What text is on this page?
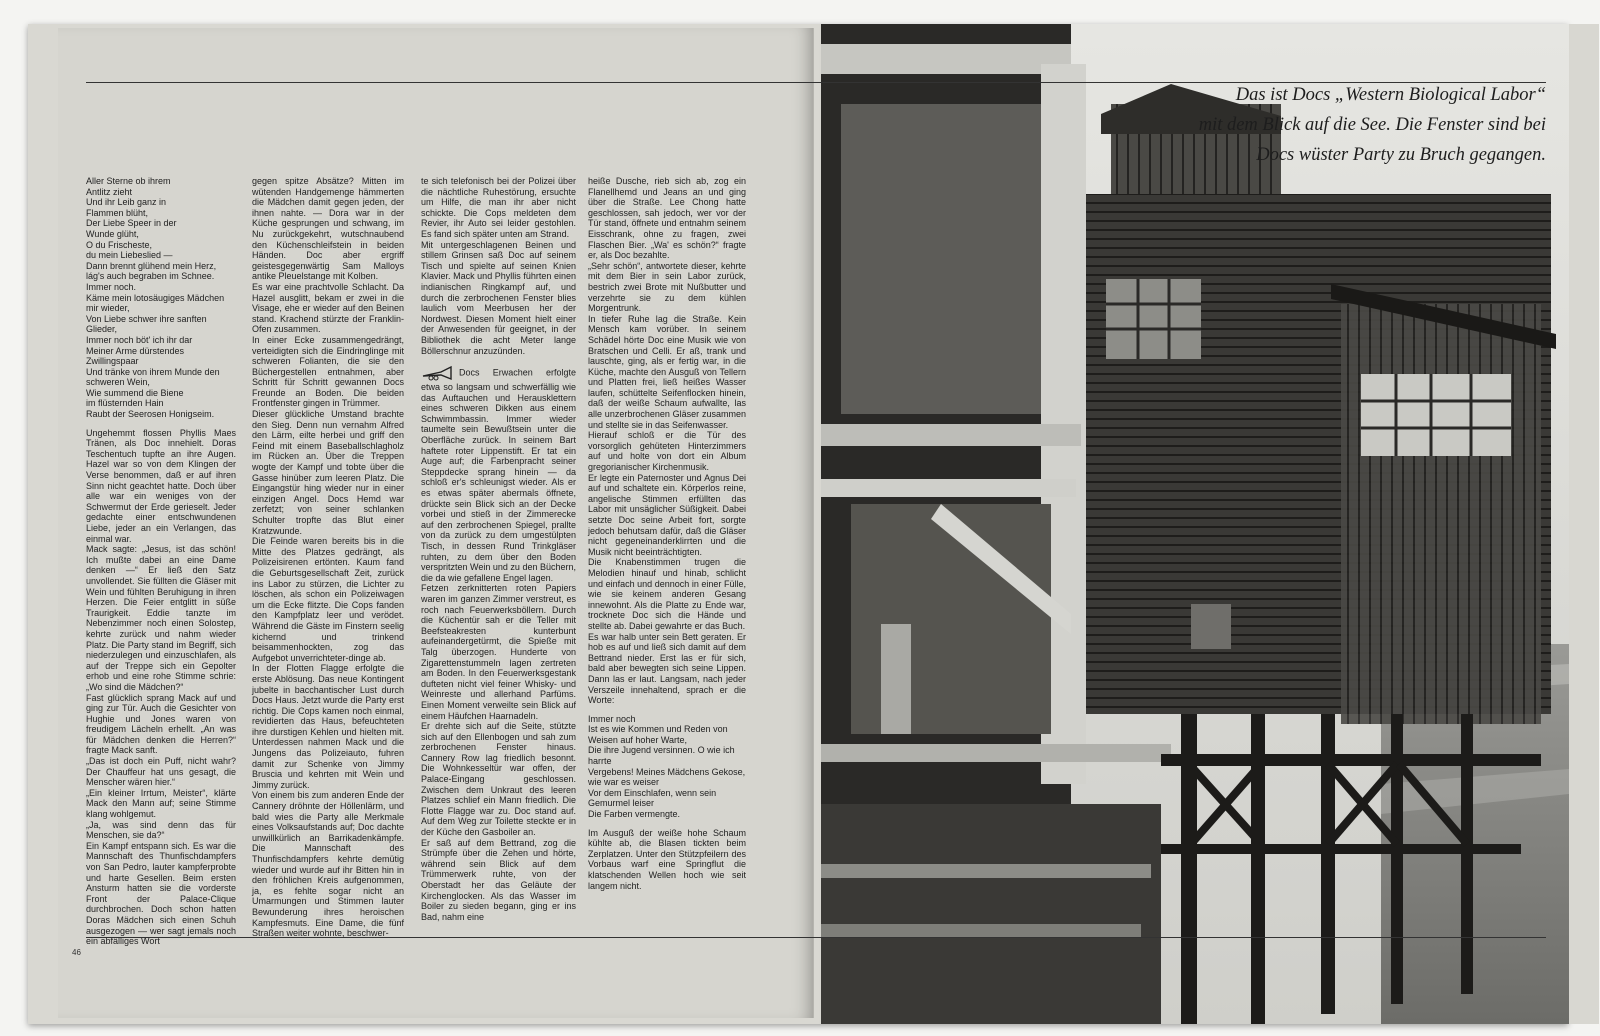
Das ist Docs „Western Biological Labor“
mit dem Blick auf die See. Die Fenster sind bei
Docs wüster Party zu Bruch gegangen.

Aller Sterne ob ihrem
Antlitz zieht
Und ihr Leib ganz in
Flammen blüht,
Der Liebe Speer in der
Wunde glüht,
O du Frischeste,
du mein Liebeslied —
Dann brennt glühend mein Herz,
lág's auch begraben im Schnee.
Immer noch.
Käme mein lotosäugiges Mädchen
mir wieder,
Von Liebe schwer ihre sanften
Glieder,
Immer noch böt' ich ihr dar
Meiner Arme dürstendes
Zwillingspaar
Und tränke von ihrem Munde den
schweren Wein,
Wie summend die Biene
im flüsternden Hain
Raubt der Seerosen Honigseim.

Ungehemmt flossen Phyllis Maes Tränen, als Doc innehielt. Doras Teschentuch tupfte an ihre Augen. Hazel war so von dem Klingen der Verse benommen, daß er auf ihren Sinn nicht geachtet hatte. Doch über alle war ein weniges von der Schwermut der Erde gerieselt. Jeder gedachte einer entschwundenen Liebe, jeder an ein Verlangen, das einmal war.

Mack sagte: „Jesus, ist das schön! Ich mußte dabei an eine Dame denken —“ Er ließ den Satz unvollendet. Sie füllten die Gläser mit Wein und fühlten Beruhigung in ihren Herzen. Die Feier entglitt in süße Traurigkeit. Eddie tanzte im Nebenzimmer noch einen Solostep, kehrte zurück und nahm wieder Platz. Die Party stand im Begriff, sich niederzulegen und einzuschlafen, als auf der Treppe sich ein Gepolter erhob und eine rohe Stimme schrie: „Wo sind die Mädchen?“

Fast glücklich sprang Mack auf und ging zur Tür. Auch die Gesichter von Hughie und Jones waren von freudigem Lächeln erhellt. „An was für Mädchen denken die Herren?“ fragte Mack sanft.

„Das ist doch ein Puff, nicht wahr? Der Chauffeur hat uns gesagt, die Menscher wären hier.“

„Ein kleiner Irrtum, Meister“, klärte Mack den Mann auf; seine Stimme klang wohlgemut.

„Ja, was sind denn das für Menschen, sie da?“

Ein Kampf entspann sich. Es war die Mannschaft des Thunfischdampfers von San Pedro, lauter kampferprobte und harte Gesellen. Beim ersten Ansturm hatten sie die vorderste Front der Palace-Clique durchbrochen. Doch schon hatten Doras Mädchen sich einen Schuh ausgezogen — wer sagt jemals noch ein abfälliges Wort

gegen spitze Absätze? Mitten im wütenden Handgemenge hämmerten die Mädchen damit gegen jeden, der ihnen nahte. — Dora war in der Küche gesprungen und schwang, im Nu zurückgekehrt, wutschnaubend den Küchenschleifstein in beiden Händen. Doc aber ergriff geistesgegenwärtig Sam Malloys antike Pleuelstange mit Kolben.

Es war eine prachtvolle Schlacht. Da Hazel ausglitt, bekam er zwei in die Visage, ehe er wieder auf den Beinen stand. Krachend stürzte der Franklin-Ofen zusammen.

In einer Ecke zusammengedrängt, verteidigten sich die Eindringlinge mit schweren Folianten, die sie den Büchergestellen entnahmen, aber Schritt für Schritt gewannen Docs Freunde an Boden. Die beiden Frontfenster gingen in Trümmer.

Dieser glückliche Umstand brachte den Sieg. Denn nun vernahm Alfred den Lärm, eilte herbei und griff den Feind mit einem Baseballschlagholz im Rücken an. Über die Treppen wogte der Kampf und tobte über die Gasse hinüber zum leeren Platz. Die Eingangstür hing wieder nur in einer einzigen Angel. Docs Hemd war zerfetzt; von seiner schlanken Schulter tropfte das Blut einer Kratzwunde.

Die Feinde waren bereits bis in die Mitte des Platzes gedrängt, als Polizeisirenen ertönten. Kaum fand die Geburtsgesellschaft Zeit, zurück ins Labor zu stürzen, die Lichter zu löschen, als schon ein Polizeiwagen um die Ecke flitzte. Die Cops fanden den Kampfplatz leer und verödet. Während die Gäste im Finstern seelig kichernd und trinkend beisammenhockten, zog das Aufgebot unverrichteter-dinge ab.

In der Flotten Flagge erfolgte die erste Ablösung. Das neue Kontingent jubelte in bacchantischer Lust durch Docs Haus. Jetzt wurde die Party erst richtig. Die Cops kamen noch einmal, revidierten das Haus, befeuchteten ihre durstigen Kehlen und hielten mit. Unterdessen nahmen Mack und die Jungens das Polizeiauto, fuhren damit zur Schenke von Jimmy Bruscia und kehrten mit Wein und Jimmy zurück.

Von einem bis zum anderen Ende der Cannery dröhnte der Höllenlärm, und bald wies die Party alle Merkmale eines Volksaufstands auf; Doc dachte unwillkürlich an Barrikadenkämpfe. Die Mannschaft des Thunfischdampfers kehrte demütig wieder und wurde auf ihr Bitten hin in den fröhlichen Kreis aufgenommen, ja, es fehlte sogar nicht an Umarmungen und Stimmen lauter Bewunderung ihres heroischen Kampfesmuts. Eine Dame, die fünf Straßen weiter wohnte, beschwer-

te sich telefonisch bei der Polizei über die nächtliche Ruhestörung, ersuchte um Hilfe, die man ihr aber nicht schickte. Die Cops meldeten dem Revier, ihr Auto sei leider gestohlen. Es fand sich später unten am Strand.

Mit untergeschlagenen Beinen und stillem Grinsen saß Doc auf seinem Tisch und spielte auf seinen Knien Klavier. Mack und Phyllis führten einen indianischen Ringkampf auf, und durch die zerbrochenen Fenster blies laulich vom Meerbusen her der Nordwest. Diesen Moment hielt einer der Anwesenden für geeignet, in der Bibliothek die acht Meter lange Böllerschnur anzuzünden.

Docs Erwachen erfolgte etwa so langsam und schwerfällig wie das Auftauchen und Herausklettern eines schweren Dikken aus einem Schwimmbassin. Immer wieder taumelte sein Bewußtsein unter die Oberfläche zurück. In seinem Bart haftete roter Lippenstift. Er tat ein Auge auf; die Farbenpracht seiner Steppdecke sprang hinein — da schloß er's schleunigst wieder. Als er es etwas später abermals öffnete, drückte sein Blick sich an der Decke vorbei und stieß in der Zimmerecke auf den zerbrochenen Spiegel, prallte von da zurück zu dem umgestülpten Tisch, in dessen Rund Trinkgläser ruhten, zu dem über den Boden verspritzten Wein und zu den Büchern, die da wie gefallene Engel lagen.

Fetzen zerknitterten roten Papiers waren im ganzen Zimmer verstreut, es roch nach Feuerwerksböllern. Durch die Küchentür sah er die Teller mit Beefsteakresten kunterbunt aufeinandergetürmt, die Spieße mit Talg überzogen. Hunderte von Zigarettenstummeln lagen zertreten am Boden. In den Feuerwerksgestank dufteten nicht viel feiner Whisky- und Weinreste und allerhand Parfüms. Einen Moment verweilte sein Blick auf einem Häufchen Haarnadeln.

Er drehte sich auf die Seite, stützte sich auf den Ellenbogen und sah zum zerbrochenen Fenster hinaus. Cannery Row lag friedlich besonnt. Die Wohnkesseltür war offen, der Palace-Eingang geschlossen. Zwischen dem Unkraut des leeren Platzes schlief ein Mann friedlich. Die Flotte Flagge war zu. Doc stand auf. Auf dem Weg zur Toilette steckte er in der Küche den Gasboiler an.

Er saß auf dem Bettrand, zog die Strümpfe über die Zehen und hörte, während sein Blick auf dem Trümmerwerk ruhte, von der Oberstadt her das Geläute der Kirchenglocken. Als das Wasser im Boiler zu sieden begann, ging er ins Bad, nahm eine

heiße Dusche, rieb sich ab, zog ein Flanellhemd und Jeans an und ging über die Straße. Lee Chong hatte geschlossen, sah jedoch, wer vor der Tür stand, öffnete und entnahm seinem Eisschrank, ohne zu fragen, zwei Flaschen Bier. „Wa' es schön?“ fragte er, als Doc bezahlte.

„Sehr schön“, antwortete dieser, kehrte mit dem Bier in sein Labor zurück, bestrich zwei Brote mit Nußbutter und verzehrte sie zu dem kühlen Morgentrunk.

In tiefer Ruhe lag die Straße. Kein Mensch kam vorüber. In seinem Schädel hörte Doc eine Musik wie von Bratschen und Celli. Er aß, trank und lauschte, ging, als er fertig war, in die Küche, machte den Ausguß von Tellern und Platten frei, ließ heißes Wasser laufen, schüttelte Seifenflocken hinein, daß der weiße Schaum aufwallte, las alle unzerbrochenen Gläser zusammen und stellte sie in das Seifenwasser.

Hierauf schloß er die Tür des vorsorglich gehüteten Hinterzimmers auf und holte von dort ein Album gregorianischer Kirchenmusik.

Er legte ein Paternoster und Agnus Dei auf und schaltete ein. Körperlos reine, angelische Stimmen erfüllten das Labor mit unsäglicher Süßigkeit. Dabei setzte Doc seine Arbeit fort, sorgte jedoch behutsam dafür, daß die Gläser nicht gegeneinanderklirrten und die Musik nicht beeinträchtigten.

Die Knabenstimmen trugen die Melodien hinauf und hinab, schlicht und einfach und dennoch in einer Fülle, wie sie keinem anderen Gesang innewohnt. Als die Platte zu Ende war, trocknete Doc sich die Hände und stellte ab. Dabei gewahrte er das Buch.

Es war halb unter sein Bett geraten. Er hob es auf und ließ sich damit auf dem Bettrand nieder. Erst las er für sich, bald aber bewegten sich seine Lippen. Dann las er laut. Langsam, nach jeder Verszeile innehaltend, sprach er die Worte:

Immer noch
Ist es wie Kommen und Reden von
Weisen auf hoher Warte,
Die ihre Jugend versinnen. O wie ich
harrte
Vergebens! Meines Mädchens Gekose, wie war es weiser
Vor dem Einschlafen, wenn sein Gemurmel leiser
Die Farben vermengte.

Im Ausguß der weiße hohe Schaum kühlte ab, die Blasen tickten beim Zerplatzen. Unter den Stützpfeilern des Vorbaus warf eine Springflut die klatschenden Wellen hoch wie seit langem nicht.

46
